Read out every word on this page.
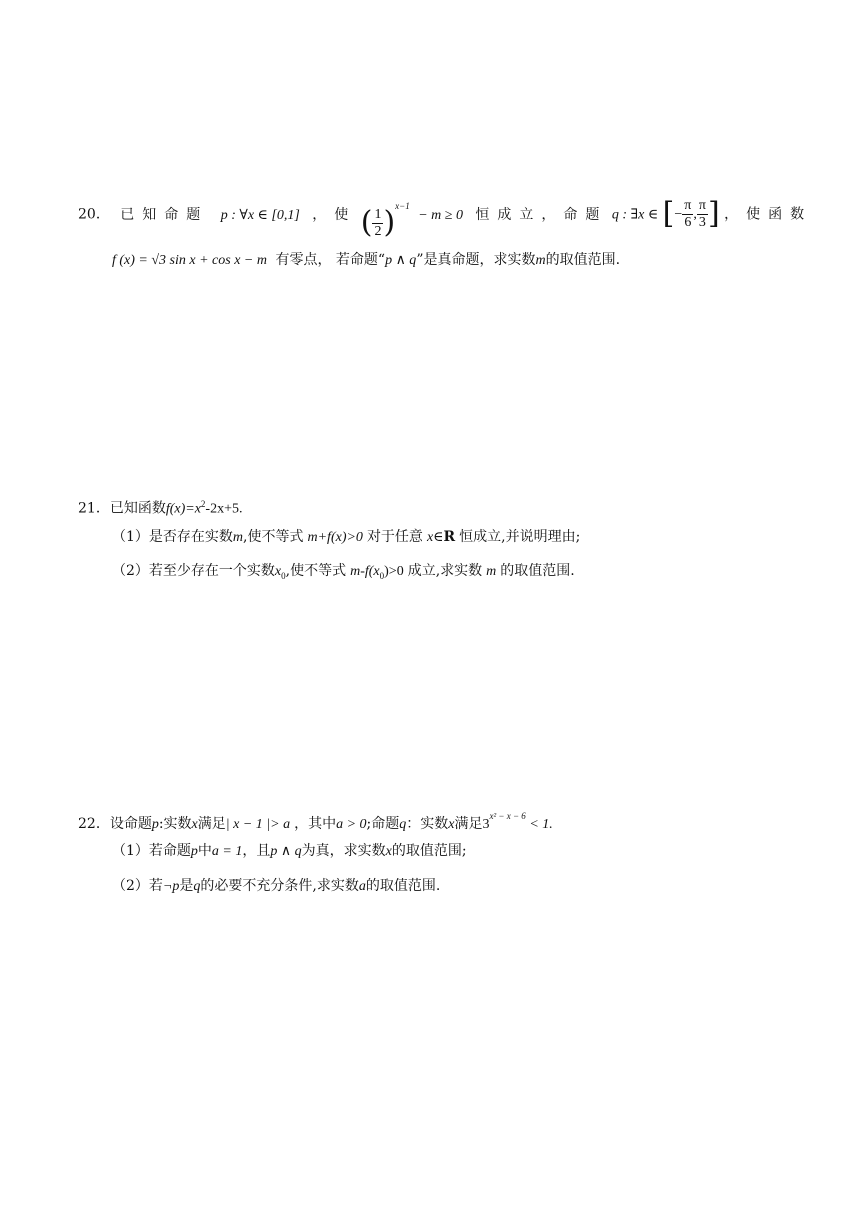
20． 已知命题 p : ∀x ∈ [0,1] ，使 ( $\frac{1}{2} )^{x-1} - m \ge 0$ 恒成立，命题 q : ∃x ∈ [− $\frac{\pi}{6}$ , $\frac{\pi}{3}$ ] ，使函数
f (x) = √3 sin x + cos x − m 有零点， 若命题“p ∧ q”是真命题，求实数m的取值范围.
21．已知函数$f(x)=x^2-2x+5$.
（1）是否存在实数m,使不等式 m+f(x)>0 对于任意 x∈R 恒成立,并说明理由;
（2）若至少存在一个实数$x_0$,使不等式 $m-f(x_0)>0$ 成立,求实数 m 的取值范围.
22．设命题p:实数x满足| x − 1 |> a ，其中a > 0;命题q：实数x满足$3^{x^2 - x - 6} < 1$.
（1）若命题p中a = 1，且p ∧ q为真，求实数x的取值范围;
（2）若¬p是q的必要不充分条件,求实数a的取值范围.
